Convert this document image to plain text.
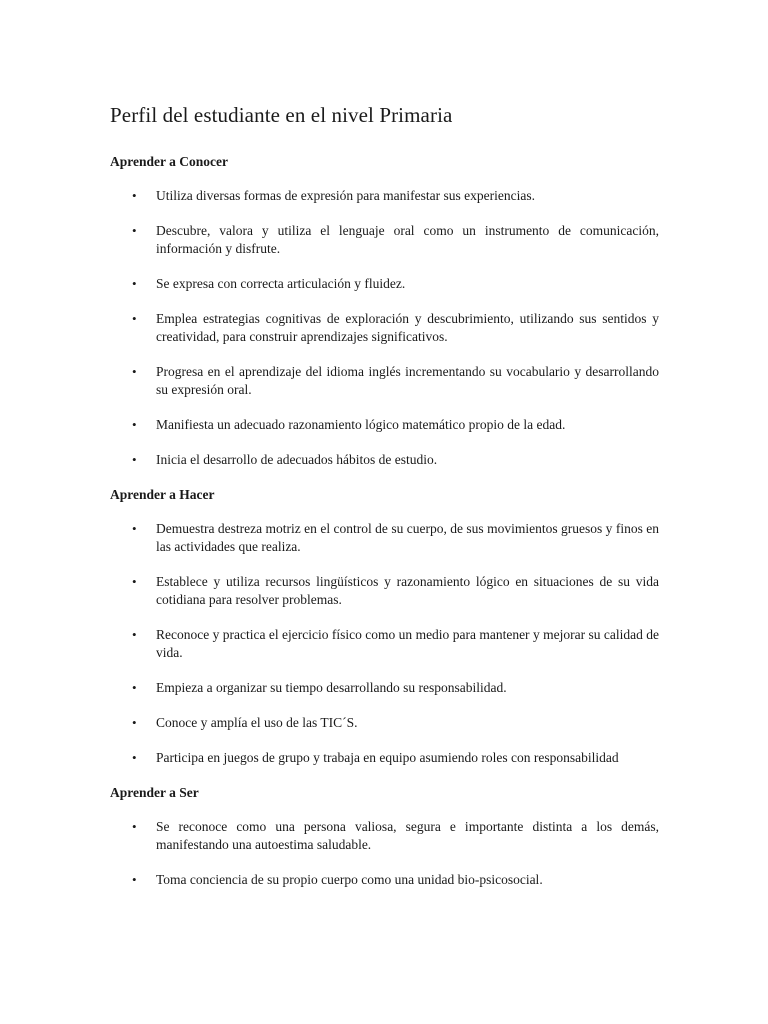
Perfil del estudiante en el nivel Primaria
Aprender a Conocer
• Utiliza diversas formas de expresión para manifestar sus experiencias.
• Descubre, valora y utiliza el lenguaje oral como un instrumento de comunicación, información y disfrute.
• Se expresa con correcta articulación y fluidez.
• Emplea estrategias cognitivas de exploración y descubrimiento, utilizando sus sentidos y creatividad, para construir aprendizajes significativos.
• Progresa en el aprendizaje del idioma inglés incrementando su vocabulario y desarrollando su expresión oral.
• Manifiesta un adecuado razonamiento lógico matemático propio de la edad.
• Inicia el desarrollo de adecuados hábitos de estudio.
Aprender a Hacer
• Demuestra destreza motriz en el control de su cuerpo, de sus movimientos gruesos y finos en las actividades que realiza.
• Establece y utiliza recursos lingüísticos y razonamiento lógico en situaciones de su vida cotidiana para resolver problemas.
• Reconoce y practica el ejercicio físico como un medio para mantener y mejorar su calidad de vida.
• Empieza a organizar su tiempo desarrollando su responsabilidad.
• Conoce y amplía el uso de las TIC´S.
• Participa en juegos de grupo y trabaja en equipo asumiendo roles con responsabilidad
Aprender a Ser
• Se reconoce como una persona valiosa, segura e importante distinta a los demás, manifestando una autoestima saludable.
• Toma conciencia de su propio cuerpo como una unidad bio-psicosocial.
